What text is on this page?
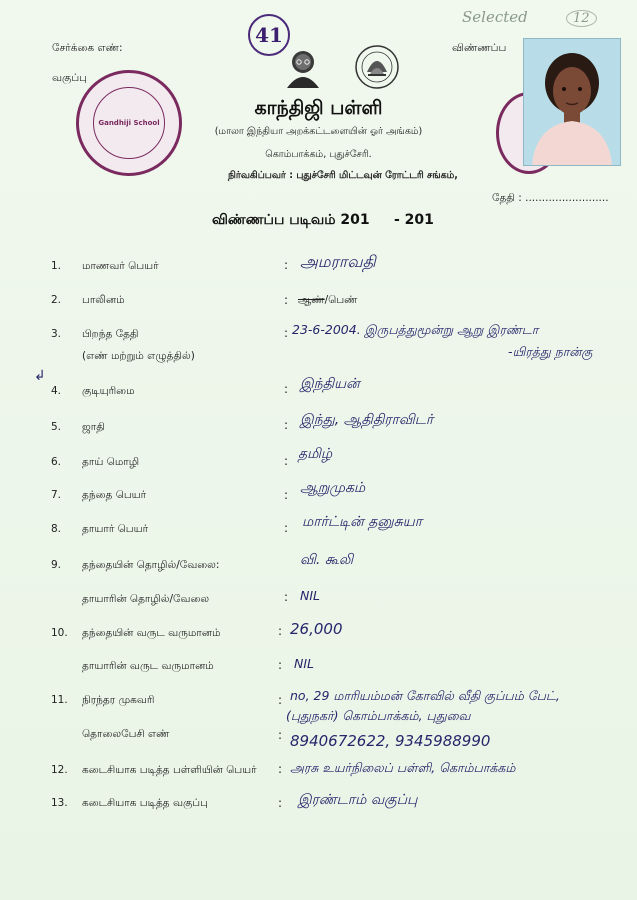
சேர்க்கை எண்:
வகுப்பு
விண்ணப்ப
Selected	12
41
Gandhiji School
காந்திஜி பள்ளி
(மாலா இந்தியா அறக்கட்டளையின் ஓர் அங்கம்)
கொம்பாக்கம், புதுச்சேரி.
நிர்வகிப்பவர் : புதுச்சேரி மிட்டவுன் ரோட்டரி சங்கம்,
தேதி : .........................
விண்ணப்ப படிவம் 201     - 201
↲
1.	மாணவர் பெயர்	: அமராவதி
2.	பாலினம்	: ஆண்/பெண்
3.	பிறந்த தேதி
(எண் மற்றும் எழுத்தில்)
: 23-6-2004. இருபத்துமூன்று ஆறு இரண்டா
-யிரத்து நான்கு
4.	குடியுரிமை	: இந்தியன்
5.	ஜாதி	: இந்து, ஆதிதிராவிடர்
6.	தாய் மொழி	: தமிழ்
7.	தந்தை பெயர்	: ஆறுமுகம்
8.	தாயார் பெயர்	: மார்ட்டின் தனுசுயா
9.	தந்தையின் தொழில்/வேலை:	வி. கூலி
தாயாரின் தொழில்/வேலை	: NIL
10.	தந்தையின் வருட வருமானம்	: 26,000
தாயாரின் வருட வருமானம்	: NIL
11.	நிரந்தர முகவரி	: no, 29 மாரியம்மன் கோவில் வீதி குப்பம் பேட்,
(புதுநகர்) கொம்பாக்கம், புதுவை
தொலைபேசி எண்	: 8940672622, 9345988990
12.	கடைசியாக படித்த பள்ளியின் பெயர் : அரசு உயர்நிலைப் பள்ளி, கொம்பாக்கம்
13.	கடைசியாக படித்த வகுப்பு	: இரண்டாம் வகுப்பு
